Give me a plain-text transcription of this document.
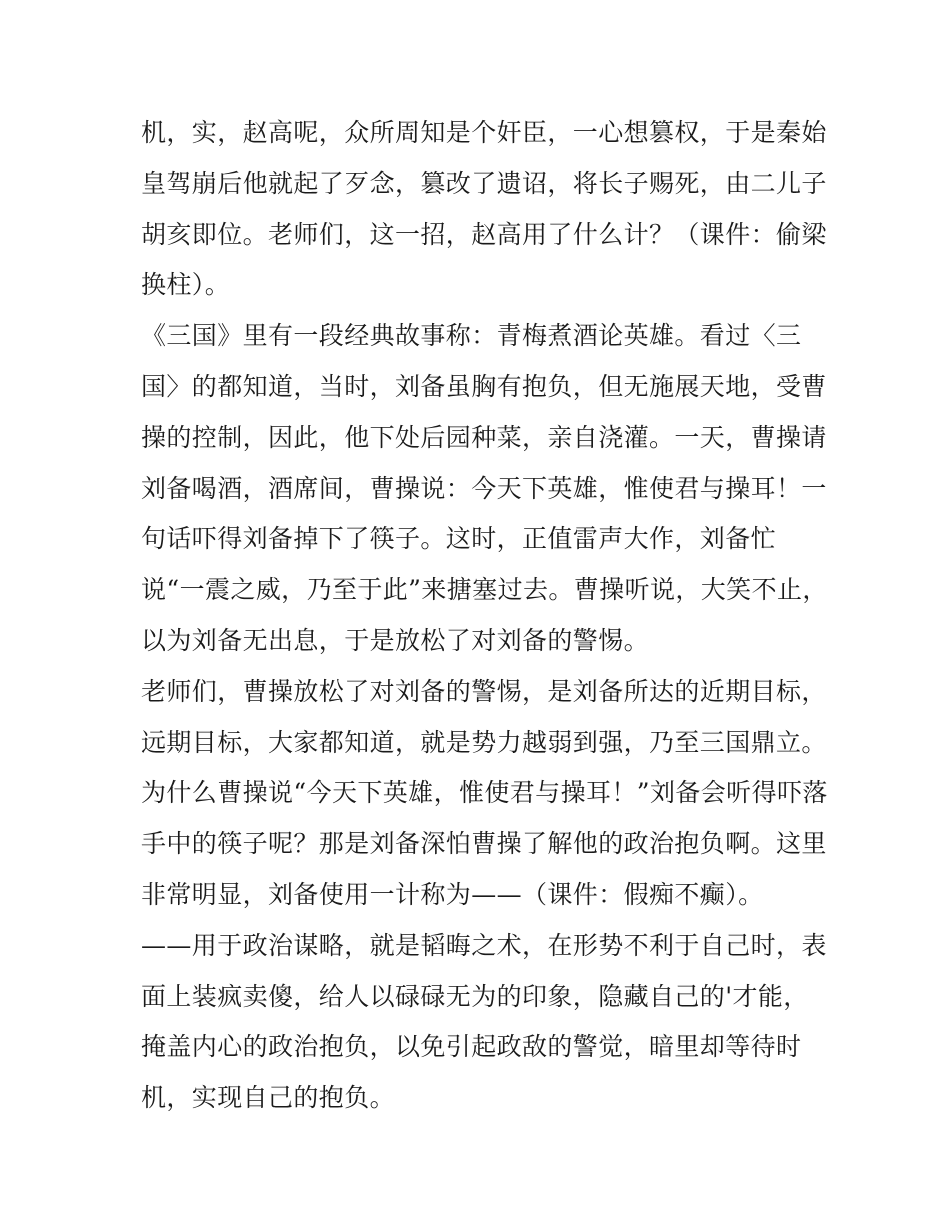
机，实，赵高呢，众所周知是个奸臣，一心想篡权，于是秦始
皇驾崩后他就起了歹念，篡改了遗诏，将长子赐死，由二儿子
胡亥即位。老师们，这一招，赵高用了什么计？（课件：偷梁
换柱）。
《三国》里有一段经典故事称：青梅煮酒论英雄。看过〈三
国〉的都知道，当时，刘备虽胸有抱负，但无施展天地，受曹
操的控制，因此，他下处后园种菜，亲自浇灌。一天，曹操请
刘备喝酒，酒席间，曹操说：今天下英雄，惟使君与操耳！一
句话吓得刘备掉下了筷子。这时，正值雷声大作，刘备忙
说“一震之威，乃至于此”来搪塞过去。曹操听说，大笑不止，
以为刘备无出息，于是放松了对刘备的警惕。
老师们，曹操放松了对刘备的警惕，是刘备所达的近期目标，
远期目标，大家都知道，就是势力越弱到强，乃至三国鼎立。
为什么曹操说“今天下英雄，惟使君与操耳！”刘备会听得吓落
手中的筷子呢？那是刘备深怕曹操了解他的政治抱负啊。这里
非常明显，刘备使用一计称为——（课件：假痴不癫）。
——用于政治谋略，就是韬晦之术，在形势不利于自己时，表
面上装疯卖傻，给人以碌碌无为的印象，隐藏自己的'才能，
掩盖内心的政治抱负，以免引起政敌的警觉，暗里却等待时
机，实现自己的抱负。
